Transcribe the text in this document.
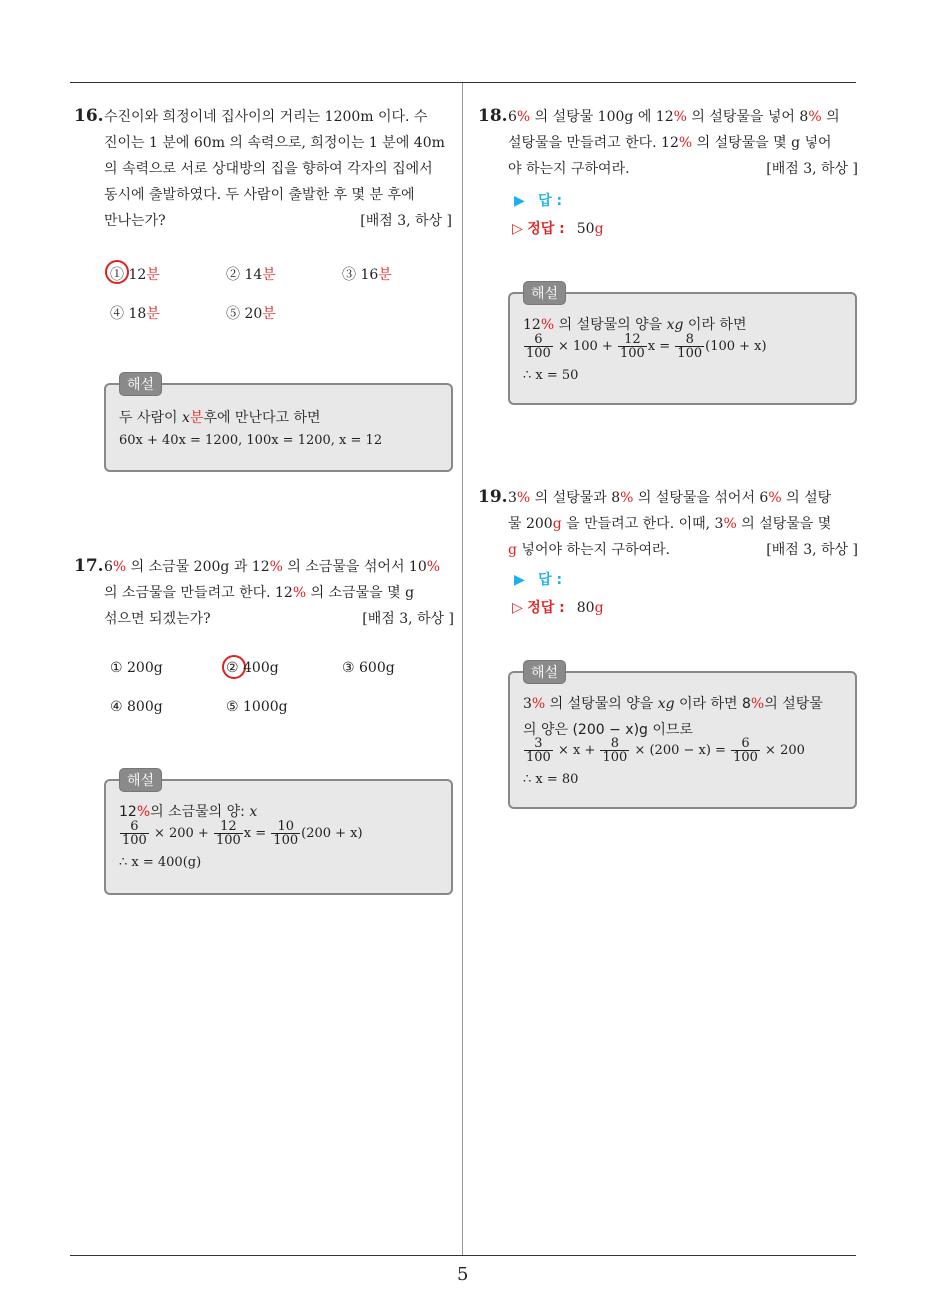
5
16. 수진이와 희정이네 집사이의 거리는 1200m 이다. 수
진이는 1 분에 60m 의 속력으로, 희정이는 1 분에 40m
의 속력으로 서로 상대방의 집을 향하여 각자의 집에서
동시에 출발하였다. 두 사람이 출발한 후 몇 분 후에
만나는가?	[배점 3, 하상 ]
① 12분	② 14분	③ 16분
④ 18분	⑤ 20분
두 사람이 x분후에 만난다고 하면
60x + 40x = 1200, 100x = 1200, x = 12
해설
17. 6% 의 소금물 200g 과 12% 의 소금물을 섞어서 10%
의 소금물을 만들려고 한다. 12% 의 소금물을 몇 g
섞으면 되겠는가?	[배점 3, 하상 ]
① 200g	② 400g	③ 600g
④ 800g	⑤ 1000g
12%의 소금물의 양: x
$\frac{6}{100} \times 200 + \frac{12}{100}$ $x = \frac{10}{100} (200 + x)$
∴ x = 400(g)
해설
18. 6% 의 설탕물 100g 에 12% 의 설탕물을 넣어 8% 의
설탕물을 만들려고 한다. 12% 의 설탕물을 몇 g 넣어
야 하는지 구하여라.	[배점 3, 하상 ]
▶ 답 :
▷ 정답 : 50g
12% 의 설탕물의 양을 xg 이라 하면
$\frac{6}{100} \times 100 + \frac{12}{100}$ $x = \frac{8}{100} (100 + x)$
∴ x = 50
해설
19. 3% 의 설탕물과 8% 의 설탕물을 섞어서 6% 의 설탕
물 200g 을 만들려고 한다. 이때, 3% 의 설탕물을 몇
g 넣어야 하는지 구하여라.	[배점 3, 하상 ]
▶ 답 :
▷ 정답 : 80g
3% 의 설탕물의 양을 xg 이라 하면 8%의 설탕물
의 양은 (200 − x)g 이므로
$\frac{3}{100} \times x + \frac{8}{100} \times (200 - x) = \frac{6}{100} \times 200$
∴ x = 80
해설
